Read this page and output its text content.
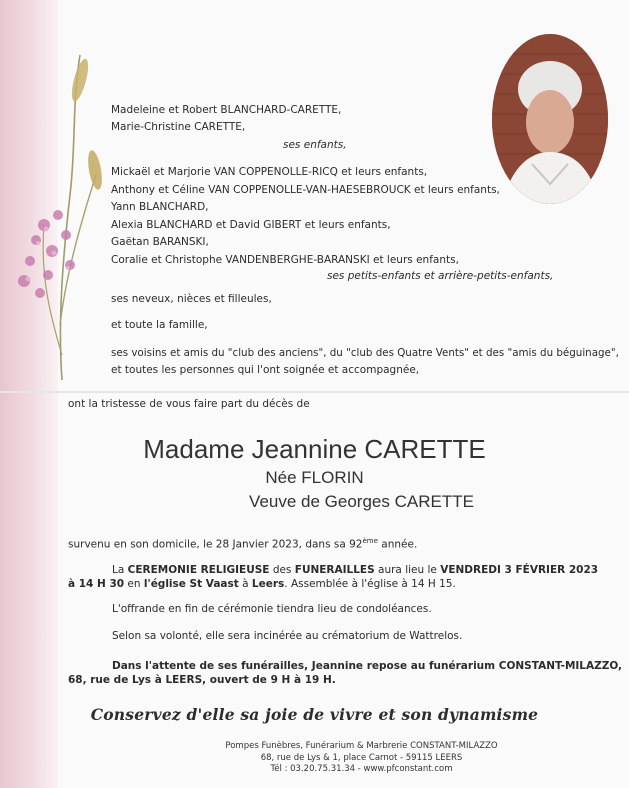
Madeleine et Robert BLANCHARD-CARETTE,
Marie-Christine CARETTE,
ses enfants,
Mickaël et Marjorie VAN COPPENOLLE-RICQ et leurs enfants,
Anthony et Céline VAN COPPENOLLE-VAN-HAESEBROUCK et leurs enfants,
Yann BLANCHARD,
Alexia BLANCHARD et David GIBERT et leurs enfants,
Gaëtan BARANSKI,
Coralie et Christophe VANDENBERGHE-BARANSKI et leurs enfants,
ses petits-enfants et arrière-petits-enfants,
ses neveux, nièces et filleules,
et toute la famille,
ses voisins et amis du "club des anciens", du "club des Quatre Vents" et des "amis du béguinage",
et toutes les personnes qui l'ont soignée et accompagnée,
ont la tristesse de vous faire part du décès de
Madame Jeannine CARETTE
Née FLORIN
Veuve de Georges CARETTE
survenu en son domicile, le 28 Janvier 2023, dans sa 92ème année.
La CEREMONIE RELIGIEUSE des FUNERAILLES aura lieu le VENDREDI 3 FÉVRIER 2023
à 14 H 30 en l'église St Vaast à Leers. Assemblée à l'église à 14 H 15.
L'offrande en fin de cérémonie tiendra lieu de condoléances.
Selon sa volonté, elle sera incinérée au crématorium de Wattrelos.
Dans l'attente de ses funérailles, Jeannine repose au funérarium CONSTANT-MILAZZO,
68, rue de Lys à LEERS, ouvert de 9 H à 19 H.
Conservez d'elle sa joie de vivre et son dynamisme
Pompes Funèbres, Funérarium & Marbrerie CONSTANT-MILAZZO
68, rue de Lys & 1, place Carnot - 59115 LEERS
Tél : 03.20.75.31.34 - www.pfconstant.com
